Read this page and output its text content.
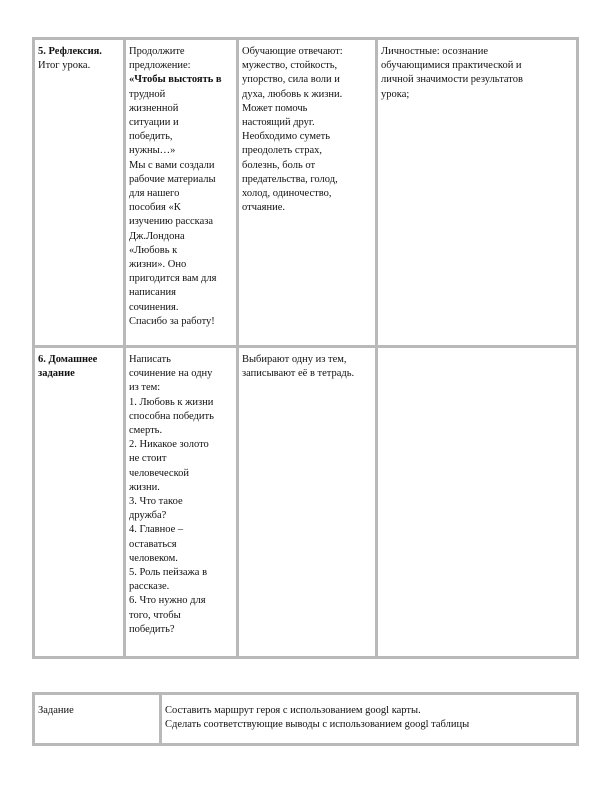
5. Рефлексия.

Итог урока.

Продолжите

предложение:

«Чтобы выстоять в

трудной

жизненной

ситуации и

победить,

нужны…»

Мы с вами создали

рабочие материалы

для нашего

пособия «К

изучению рассказа

Дж.Лондона

«Любовь к

жизни». Оно

пригодится вам для

написания

сочинения.

Спасибо за работу!

Обучающие отвечают:

мужество, стойкость,

упорство, сила воли и

духа, любовь к жизни.

Может помочь

настоящий друг.

Необходимо суметь

преодолеть страх,

болезнь, боль от

предательства, голод,

холод, одиночество,

отчаяние.

Личностные: осознание

обучающимися практической и

личной значимости результатов

урока;

6. Домашнее

задание

Написать

сочинение на одну

из тем:

1. Любовь к жизни

способна победить

смерть.

2. Никакое золото

не стоит

человеческой

жизни.

3. Что такое

дружба?

4. Главное –

оставаться

человеком.

5. Роль пейзажа в

рассказе.

6. Что нужно для

того, чтобы

победить?

Выбирают одну из тем,

записывают её в тетрадь.

Задание	Составить маршрут героя с использованием googl карты.

Сделать соответствующие выводы с использованием googl таблицы
